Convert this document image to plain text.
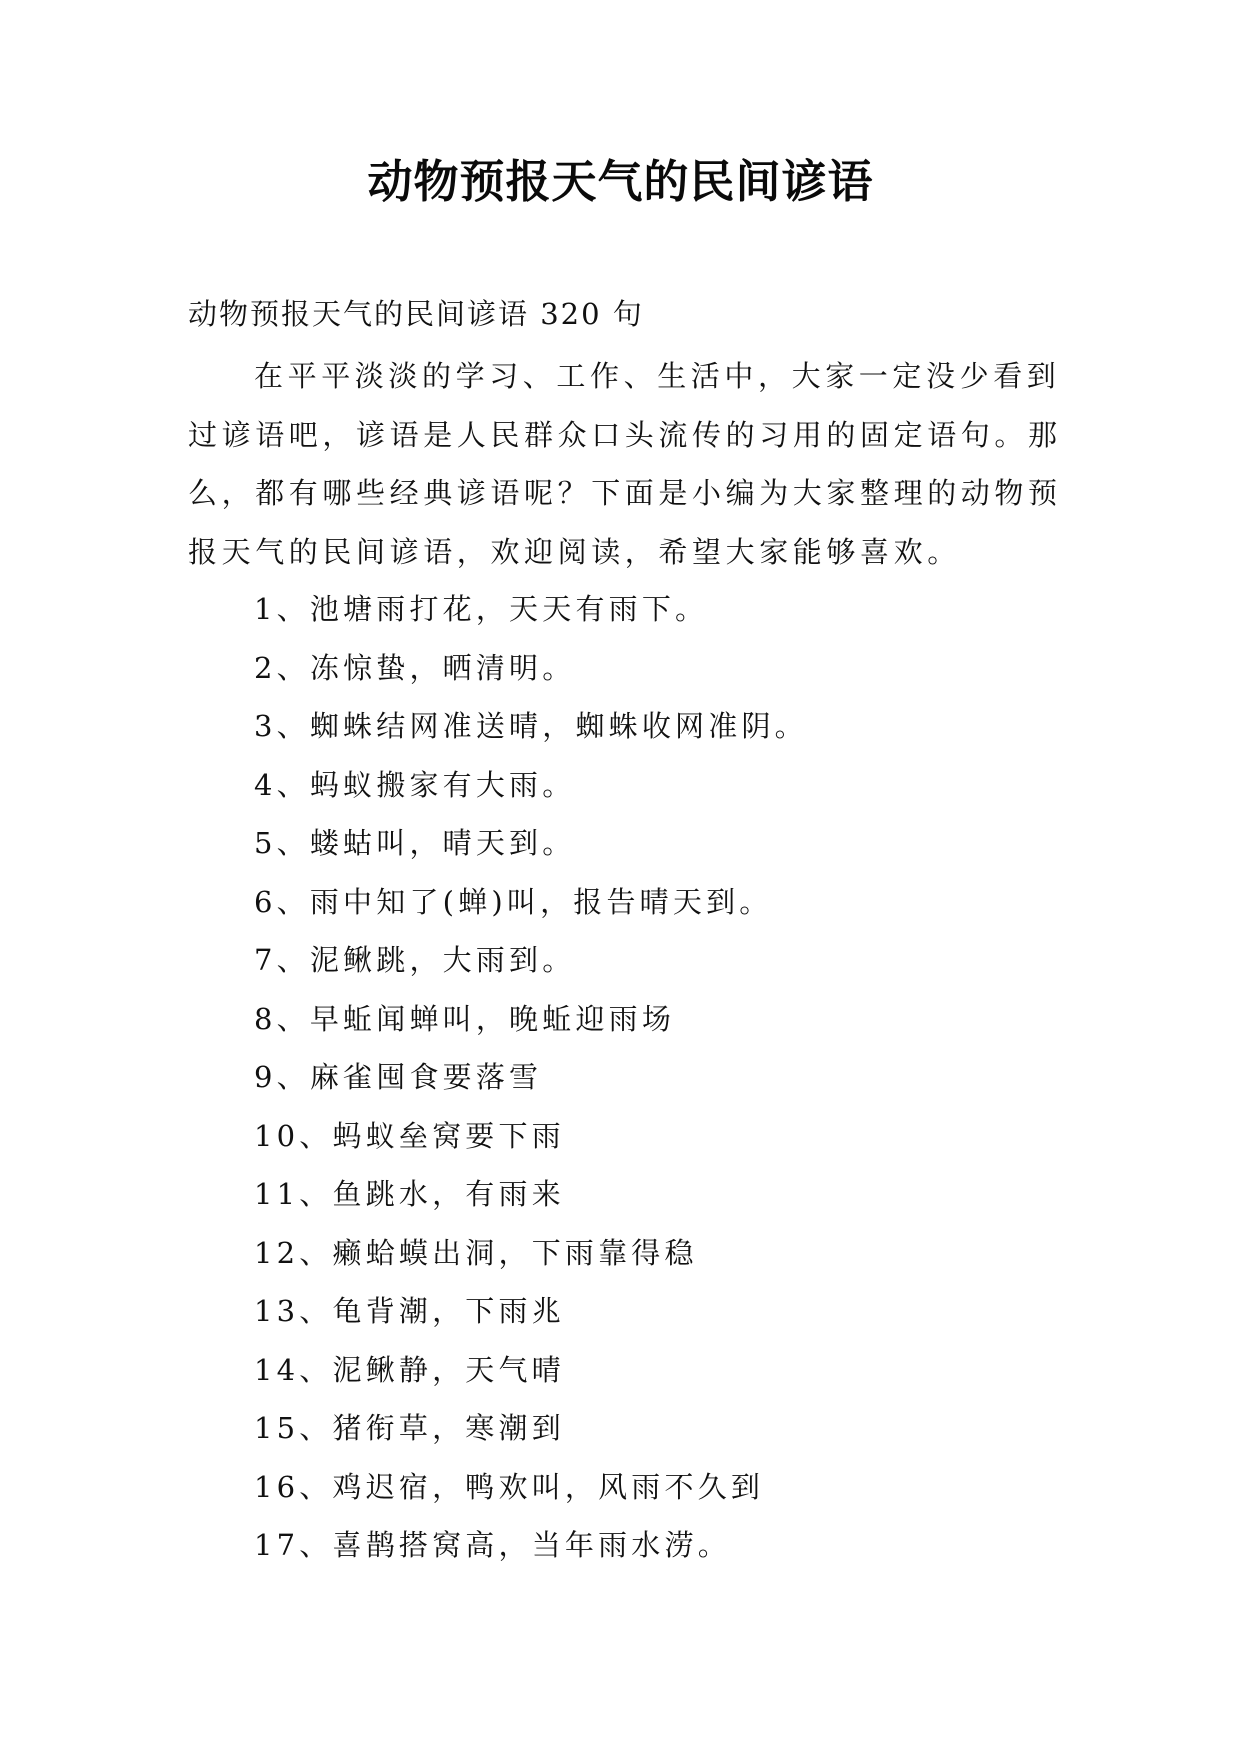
动物预报天气的民间谚语

动物预报天气的民间谚语 320 句

在平平淡淡的学习、工作、生活中，大家一定没少看到
过谚语吧，谚语是人民群众口头流传的习用的固定语句。那
么，都有哪些经典谚语呢？下面是小编为大家整理的动物预
报天气的民间谚语，欢迎阅读，希望大家能够喜欢。

1、池塘雨打花，天天有雨下。
2、冻惊蛰，晒清明。
3、蜘蛛结网准送晴，蜘蛛收网准阴。
4、蚂蚁搬家有大雨。
5、蝼蛄叫，晴天到。
6、雨中知了(蝉)叫，报告晴天到。
7、泥鳅跳，大雨到。
8、早蚯闻蝉叫，晚蚯迎雨场
9、麻雀囤食要落雪
10、蚂蚁垒窝要下雨
11、鱼跳水，有雨来
12、癞蛤蟆出洞，下雨靠得稳
13、龟背潮，下雨兆
14、泥鳅静，天气晴
15、猪衔草，寒潮到
16、鸡迟宿，鸭欢叫，风雨不久到
17、喜鹊搭窝高，当年雨水涝。
